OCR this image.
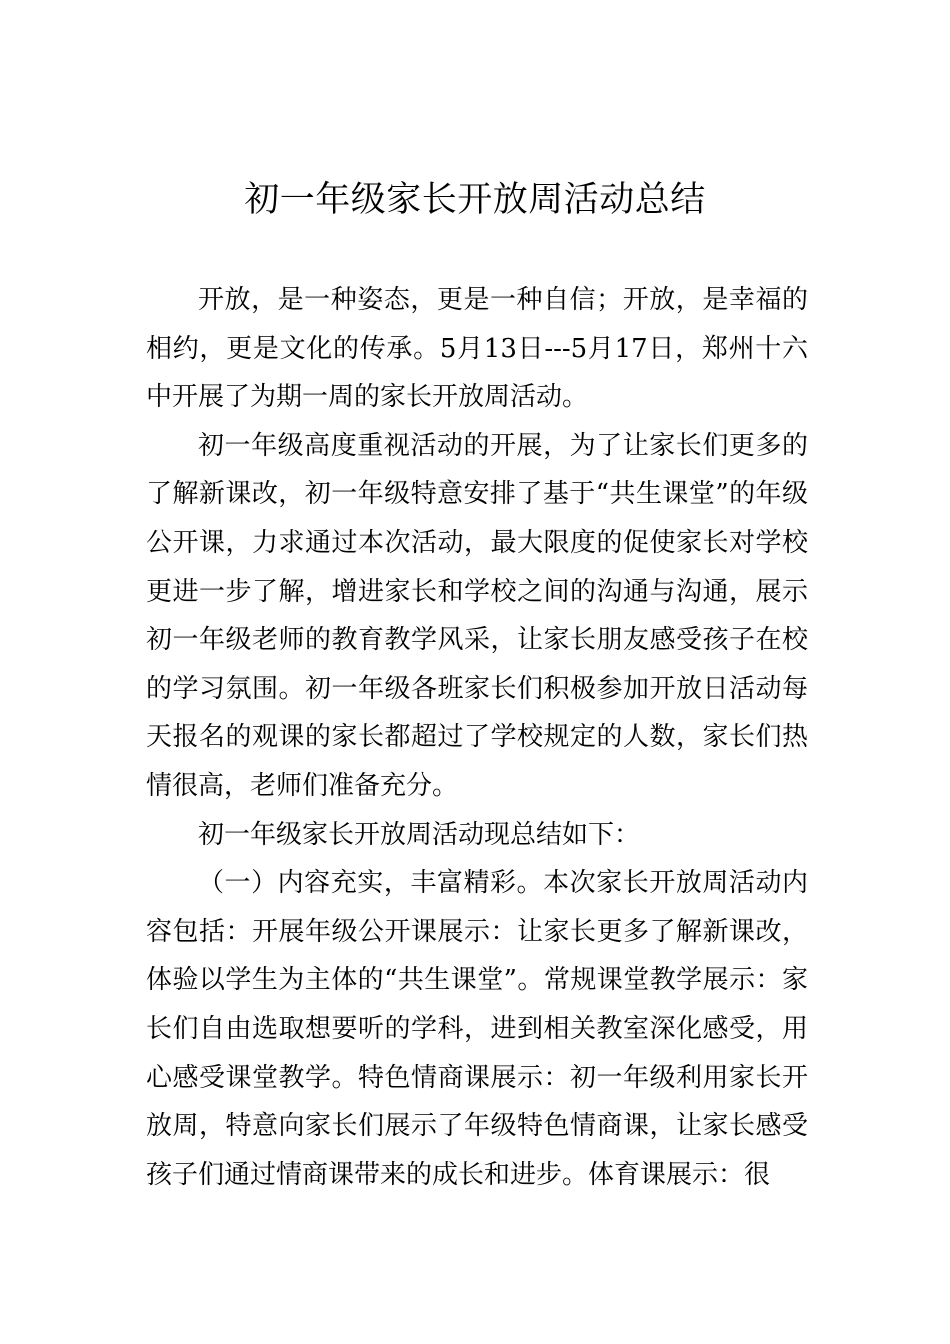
初一年级家长开放周活动总结

开放，是一种姿态，更是一种自信；开放，是幸福的相约，更是文化的传承。5月13日---5月17日，郑州十六中开展了为期一周的家长开放周活动。

初一年级高度重视活动的开展，为了让家长们更多的了解新课改，初一年级特意安排了基于“共生课堂”的年级公开课，力求通过本次活动，最大限度的促使家长对学校更进一步了解，增进家长和学校之间的沟通与沟通，展示初一年级老师的教育教学风采，让家长朋友感受孩子在校的学习氛围。初一年级各班家长们积极参加开放日活动每天报名的观课的家长都超过了学校规定的人数，家长们热情很高，老师们准备充分。

初一年级家长开放周活动现总结如下：

（一）内容充实，丰富精彩。本次家长开放周活动内容包括：开展年级公开课展示：让家长更多了解新课改，体验以学生为主体的“共生课堂”。常规课堂教学展示：家长们自由选取想要听的学科，进到相关教室深化感受，用心感受课堂教学。特色情商课展示：初一年级利用家长开放周，特意向家长们展示了年级特色情商课，让家长感受孩子们通过情商课带来的成长和进步。体育课展示：很
